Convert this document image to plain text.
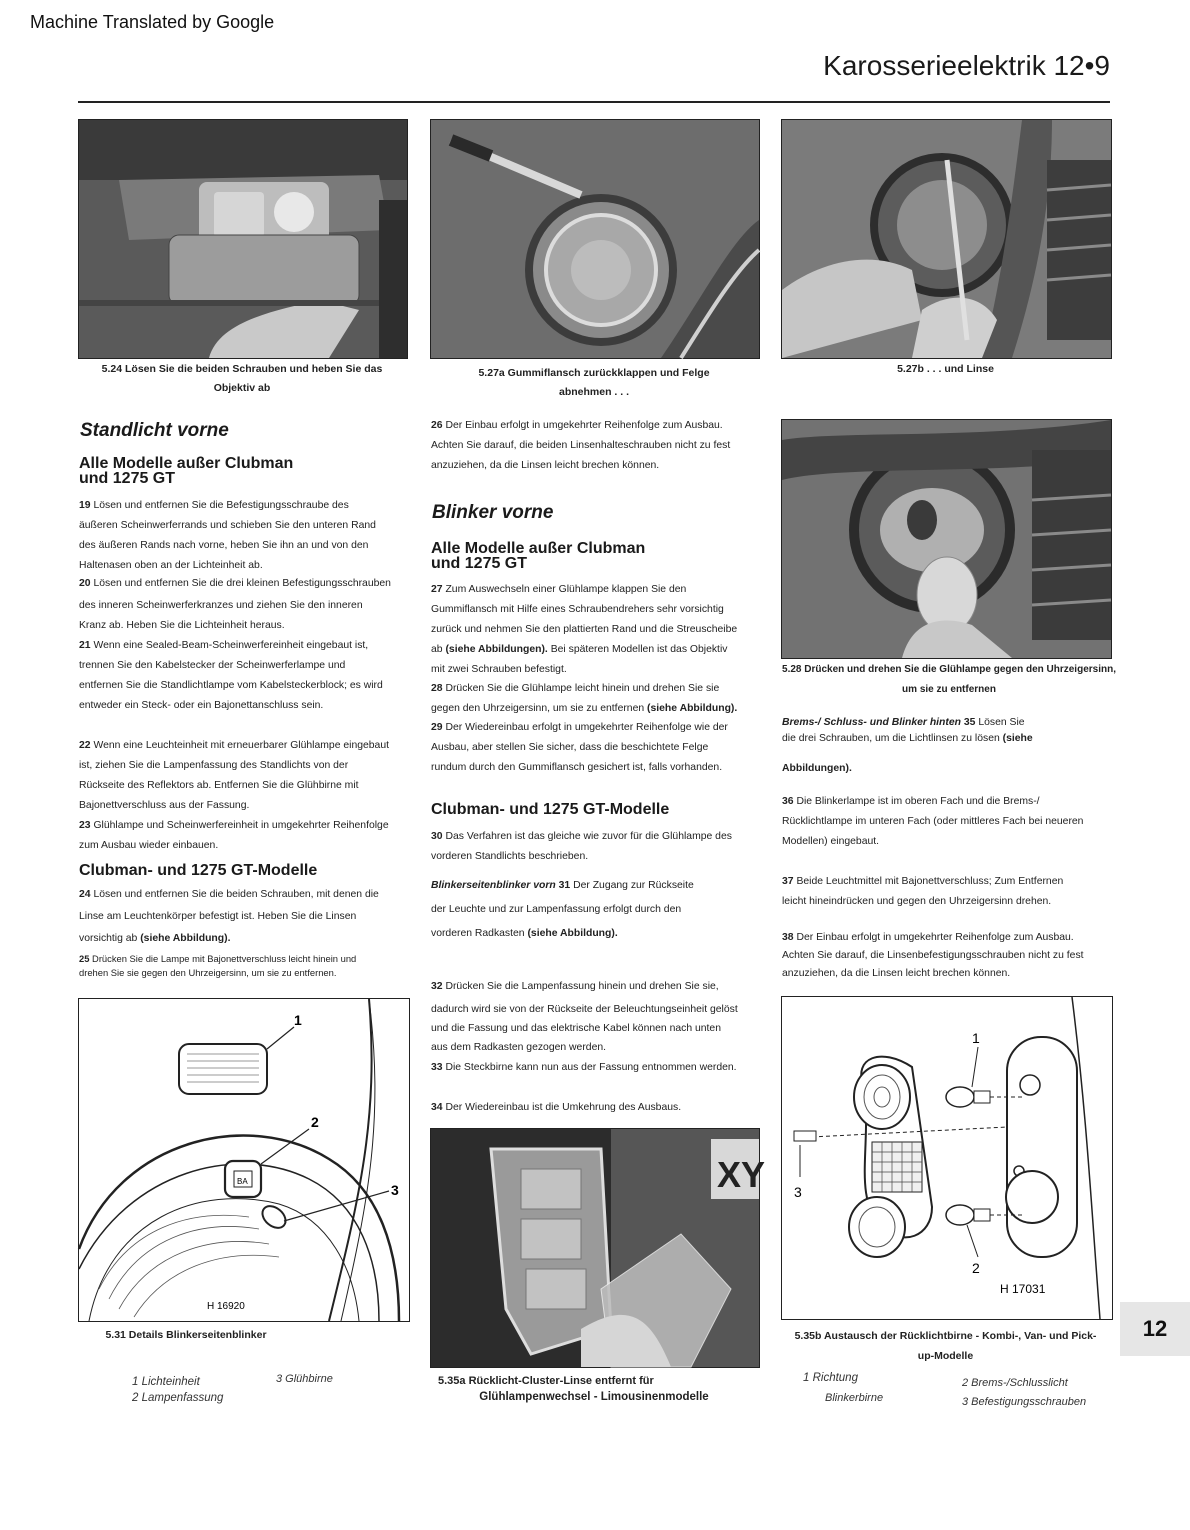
Machine Translated by Google
Karosserieelektrik 12•9
5.24 Lösen Sie die beiden Schrauben und heben Sie das
Objektiv ab
5.27a Gummiflansch zurückklappen und Felge
abnehmen . . .
5.27b . . . und Linse
Standlicht vorne
Alle Modelle außer Clubman
und 1275 GT
19 Lösen und entfernen Sie die Befestigungsschraube des
äußeren Scheinwerferrands und schieben Sie den unteren Rand
des äußeren Rands nach vorne, heben Sie ihn an und von den
Haltenasen oben an der Lichteinheit ab.
20 Lösen und entfernen Sie die drei kleinen Befestigungsschrauben
des inneren Scheinwerferkranzes und ziehen Sie den inneren
Kranz ab. Heben Sie die Lichteinheit heraus.
21 Wenn eine Sealed-Beam-Scheinwerfereinheit eingebaut ist,
trennen Sie den Kabelstecker der Scheinwerferlampe und
entfernen Sie die Standlichtlampe vom Kabelsteckerblock; es wird
entweder ein Steck- oder ein Bajonettanschluss sein.
22 Wenn eine Leuchteinheit mit erneuerbarer Glühlampe eingebaut
ist, ziehen Sie die Lampenfassung des Standlichts von der
Rückseite des Reflektors ab. Entfernen Sie die Glühbirne mit
Bajonettverschluss aus der Fassung.
23 Glühlampe und Scheinwerfereinheit in umgekehrter Reihenfolge
zum Ausbau wieder einbauen.
Clubman- und 1275 GT-Modelle
24 Lösen und entfernen Sie die beiden Schrauben, mit denen die
Linse am Leuchtenkörper befestigt ist. Heben Sie die Linsen
vorsichtig ab (siehe Abbildung).
25 Drücken Sie die Lampe mit Bajonettverschluss leicht hinein und
drehen Sie sie gegen den Uhrzeigersinn, um sie zu entfernen.
1
BA
2
3
H 16920
5.31 Details Blinkerseitenblinker
1 Lichteinheit
2 Lampenfassung
3 Glühbirne
26 Der Einbau erfolgt in umgekehrter Reihenfolge zum Ausbau.
Achten Sie darauf, die beiden Linsenhalteschrauben nicht zu fest
anzuziehen, da die Linsen leicht brechen können.
Blinker vorne
Alle Modelle außer Clubman
und 1275 GT
27 Zum Auswechseln einer Glühlampe klappen Sie den
Gummiflansch mit Hilfe eines Schraubendrehers sehr vorsichtig
zurück und nehmen Sie den plattierten Rand und die Streuscheibe
ab (siehe Abbildungen). Bei späteren Modellen ist das Objektiv
mit zwei Schrauben befestigt.
28 Drücken Sie die Glühlampe leicht hinein und drehen Sie sie
gegen den Uhrzeigersinn, um sie zu entfernen (siehe Abbildung).
29 Der Wiedereinbau erfolgt in umgekehrter Reihenfolge wie der
Ausbau, aber stellen Sie sicher, dass die beschichtete Felge
rundum durch den Gummiflansch gesichert ist, falls vorhanden.
Clubman- und 1275 GT-Modelle
30 Das Verfahren ist das gleiche wie zuvor für die Glühlampe des
vorderen Standlichts beschrieben.
Blinkerseitenblinker vorn 31 Der Zugang zur Rückseite
der Leuchte und zur Lampenfassung erfolgt durch den
vorderen Radkasten (siehe Abbildung).
32 Drücken Sie die Lampenfassung hinein und drehen Sie sie,
dadurch wird sie von der Rückseite der Beleuchtungseinheit gelöst
und die Fassung und das elektrische Kabel können nach unten
aus dem Radkasten gezogen werden.
33 Die Steckbirne kann nun aus der Fassung entnommen werden.
34 Der Wiedereinbau ist die Umkehrung des Ausbaus.
XY
5.35a Rücklicht-Cluster-Linse entfernt für
Glühlampenwechsel - Limousinenmodelle
5.28 Drücken und drehen Sie die Glühlampe gegen den Uhrzeigersinn,
um sie zu entfernen
Brems-/ Schluss- und Blinker hinten 35 Lösen Sie
die drei Schrauben, um die Lichtlinsen zu lösen (siehe
Abbildungen).
36 Die Blinkerlampe ist im oberen Fach und die Brems-/
Rücklichtlampe im unteren Fach (oder mittleres Fach bei neueren
Modellen) eingebaut.
37 Beide Leuchtmittel mit Bajonettverschluss; Zum Entfernen
leicht hineindrücken und gegen den Uhrzeigersinn drehen.
38 Der Einbau erfolgt in umgekehrter Reihenfolge zum Ausbau.
Achten Sie darauf, die Linsenbefestigungsschrauben nicht zu fest
anzuziehen, da die Linsen leicht brechen können.
1
3
2
H 17031
5.35b Austausch der Rücklichtbirne - Kombi-, Van- und Pick-
up-Modelle
1 Richtung
Blinkerbirne
2 Brems-/Schlusslicht
3 Befestigungsschrauben
12
